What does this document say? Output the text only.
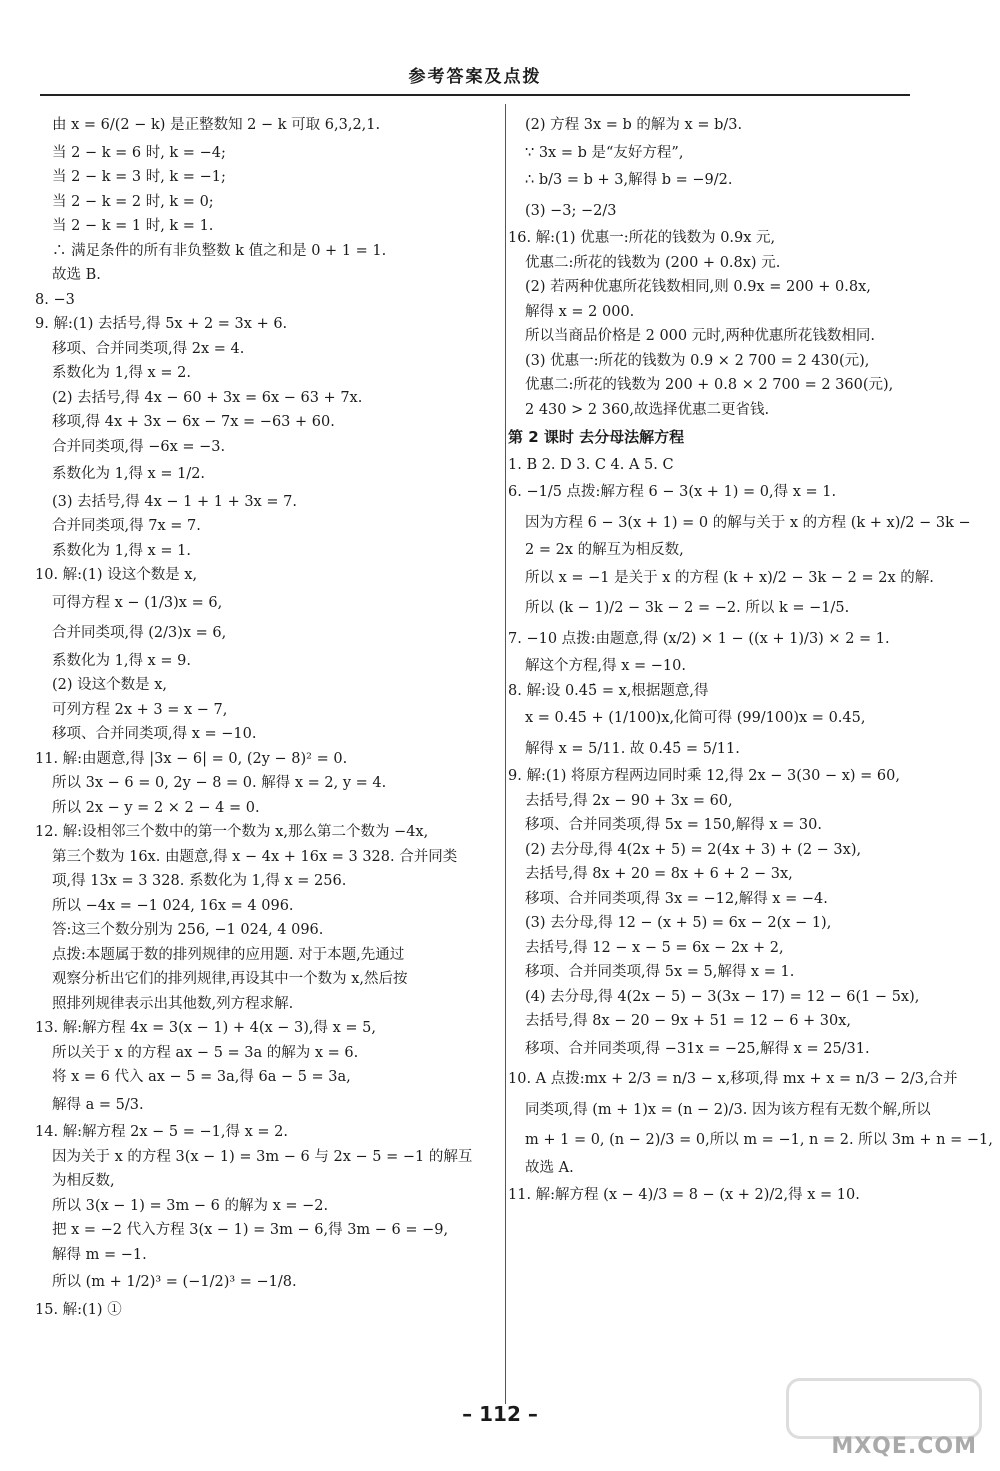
参考答案及点拨
由 x = 6/(2 − k) 是正整数知 2 − k 可取 6,3,2,1.
当 2 − k = 6 时, k = −4;
当 2 − k = 3 时, k = −1;
当 2 − k = 2 时, k = 0;
当 2 − k = 1 时, k = 1.
∴ 满足条件的所有非负整数 k 值之和是 0 + 1 = 1.
故选 B.
8. −3
9. 解:(1) 去括号,得 5x + 2 = 3x + 6.
移项、合并同类项,得 2x = 4.
系数化为 1,得 x = 2.
(2) 去括号,得 4x − 60 + 3x = 6x − 63 + 7x.
移项,得 4x + 3x − 6x − 7x = −63 + 60.
合并同类项,得 −6x = −3.
系数化为 1,得 x = 1/2.
(3) 去括号,得 4x − 1 + 1 + 3x = 7.
合并同类项,得 7x = 7.
系数化为 1,得 x = 1.
10. 解:(1) 设这个数是 x,
可得方程 x − (1/3)x = 6,
合并同类项,得 (2/3)x = 6,
系数化为 1,得 x = 9.
(2) 设这个数是 x,
可列方程 2x + 3 = x − 7,
移项、合并同类项,得 x = −10.
11. 解:由题意,得 |3x − 6| = 0, (2y − 8)² = 0.
所以 3x − 6 = 0, 2y − 8 = 0. 解得 x = 2, y = 4.
所以 2x − y = 2 × 2 − 4 = 0.
12. 解:设相邻三个数中的第一个数为 x,那么第二个数为 −4x,
第三个数为 16x. 由题意,得 x − 4x + 16x = 3 328. 合并同类
项,得 13x = 3 328. 系数化为 1,得 x = 256.
所以 −4x = −1 024, 16x = 4 096.
答:这三个数分别为 256, −1 024, 4 096.
点拨:本题属于数的排列规律的应用题. 对于本题,先通过
观察分析出它们的排列规律,再设其中一个数为 x,然后按
照排列规律表示出其他数,列方程求解.
13. 解:解方程 4x = 3(x − 1) + 4(x − 3),得 x = 5,
所以关于 x 的方程 ax − 5 = 3a 的解为 x = 6.
将 x = 6 代入 ax − 5 = 3a,得 6a − 5 = 3a,
解得 a = 5/3.
14. 解:解方程 2x − 5 = −1,得 x = 2.
因为关于 x 的方程 3(x − 1) = 3m − 6 与 2x − 5 = −1 的解互
为相反数,
所以 3(x − 1) = 3m − 6 的解为 x = −2.
把 x = −2 代入方程 3(x − 1) = 3m − 6,得 3m − 6 = −9,
解得 m = −1.
所以 (m + 1/2)³ = (−1/2)³ = −1/8.
15. 解:(1) ①
(2) 方程 3x = b 的解为 x = b/3.
∵ 3x = b 是“友好方程”,
∴ b/3 = b + 3,解得 b = −9/2.
(3) −3; −2/3
16. 解:(1) 优惠一:所花的钱数为 0.9x 元,
优惠二:所花的钱数为 (200 + 0.8x) 元.
(2) 若两种优惠所花钱数相同,则 0.9x = 200 + 0.8x,
解得 x = 2 000.
所以当商品价格是 2 000 元时,两种优惠所花钱数相同.
(3) 优惠一:所花的钱数为 0.9 × 2 700 = 2 430(元),
优惠二:所花的钱数为 200 + 0.8 × 2 700 = 2 360(元),
2 430 > 2 360,故选择优惠二更省钱.
第 2 课时 去分母法解方程
1. B 2. D 3. C 4. A 5. C
6. −1/5 点拨:解方程 6 − 3(x + 1) = 0,得 x = 1.
因为方程 6 − 3(x + 1) = 0 的解与关于 x 的方程 (k + x)/2 − 3k −
2 = 2x 的解互为相反数,
所以 x = −1 是关于 x 的方程 (k + x)/2 − 3k − 2 = 2x 的解.
所以 (k − 1)/2 − 3k − 2 = −2. 所以 k = −1/5.
7. −10 点拨:由题意,得 (x/2) × 1 − ((x + 1)/3) × 2 = 1.
解这个方程,得 x = −10.
8. 解:设 0.4̇5̇ = x,根据题意,得
x = 0.45 + (1/100)x,化简可得 (99/100)x = 0.45,
解得 x = 5/11. 故 0.4̇5̇ = 5/11.
9. 解:(1) 将原方程两边同时乘 12,得 2x − 3(30 − x) = 60,
去括号,得 2x − 90 + 3x = 60,
移项、合并同类项,得 5x = 150,解得 x = 30.
(2) 去分母,得 4(2x + 5) = 2(4x + 3) + (2 − 3x),
去括号,得 8x + 20 = 8x + 6 + 2 − 3x,
移项、合并同类项,得 3x = −12,解得 x = −4.
(3) 去分母,得 12 − (x + 5) = 6x − 2(x − 1),
去括号,得 12 − x − 5 = 6x − 2x + 2,
移项、合并同类项,得 5x = 5,解得 x = 1.
(4) 去分母,得 4(2x − 5) − 3(3x − 17) = 12 − 6(1 − 5x),
去括号,得 8x − 20 − 9x + 51 = 12 − 6 + 30x,
移项、合并同类项,得 −31x = −25,解得 x = 25/31.
10. A 点拨:mx + 2/3 = n/3 − x,移项,得 mx + x = n/3 − 2/3,合并
同类项,得 (m + 1)x = (n − 2)/3. 因为该方程有无数个解,所以
m + 1 = 0, (n − 2)/3 = 0,所以 m = −1, n = 2. 所以 3m + n = −1,
故选 A.
11. 解:解方程 (x − 4)/3 = 8 − (x + 2)/2,得 x = 10.
– 112 –
MXQE.COM
